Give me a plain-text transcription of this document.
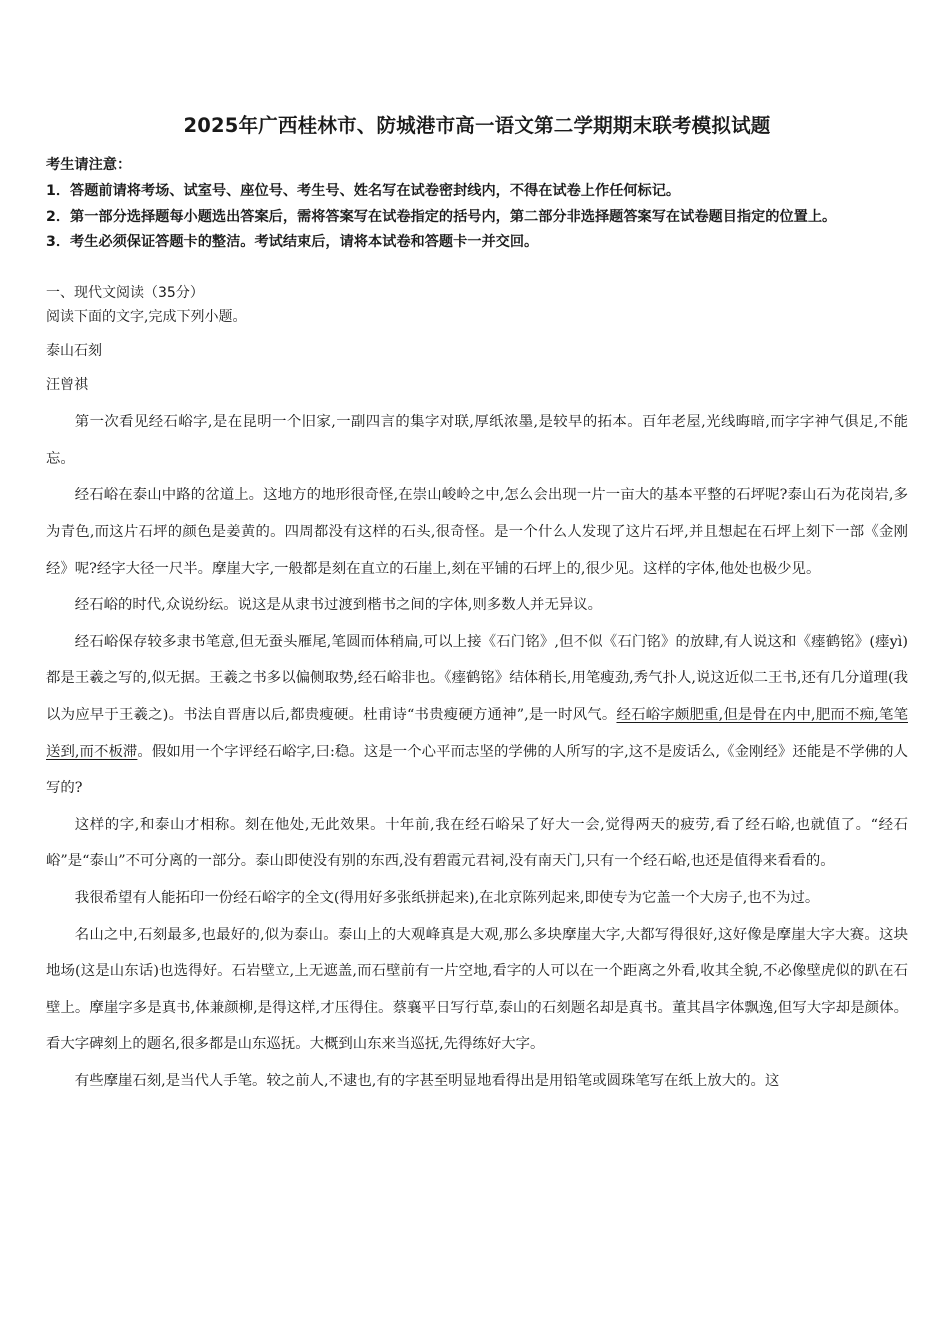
2025年广西桂林市、防城港市高一语文第二学期期末联考模拟试题
考生请注意：
1．答题前请将考场、试室号、座位号、考生号、姓名写在试卷密封线内，不得在试卷上作任何标记。
2．第一部分选择题每小题选出答案后，需将答案写在试卷指定的括号内，第二部分非选择题答案写在试卷题目指定的位置上。
3．考生必须保证答题卡的整洁。考试结束后，请将本试卷和答题卡一并交回。
一、现代文阅读（35分）
阅读下面的文字,完成下列小题。
泰山石刻
汪曾祺

第一次看见经石峪字,是在昆明一个旧家,一副四言的集字对联,厚纸浓墨,是较早的拓本。百年老屋,光线晦暗,而字字神气俱足,不能忘。

经石峪在泰山中路的岔道上。这地方的地形很奇怪,在崇山峻岭之中,怎么会出现一片一亩大的基本平整的石坪呢?泰山石为花岗岩,多为青色,而这片石坪的颜色是姜黄的。四周都没有这样的石头,很奇怪。是一个什么人发现了这片石坪,并且想起在石坪上刻下一部《金刚经》呢?经字大径一尺半。摩崖大字,一般都是刻在直立的石崖上,刻在平铺的石坪上的,很少见。这样的字体,他处也极少见。

经石峪的时代,众说纷纭。说这是从隶书过渡到楷书之间的字体,则多数人并无异议。

经石峪保存较多隶书笔意,但无蚕头雁尾,笔圆而体稍扁,可以上接《石门铭》,但不似《石门铭》的放肆,有人说这和《瘗鹤铭》(瘗yì)都是王羲之写的,似无据。王羲之书多以偏侧取势,经石峪非也。《瘗鹤铭》结体稍长,用笔瘦劲,秀气扑人,说这近似二王书,还有几分道理(我以为应早于王羲之)。书法自晋唐以后,都贵瘦硬。杜甫诗“书贵瘦硬方通神”,是一时风气。经石峪字颇肥重,但是骨在内中,肥而不痴,笔笔送到,而不板滞。假如用一个字评经石峪字,曰:稳。这是一个心平而志坚的学佛的人所写的字,这不是废话么,《金刚经》还能是不学佛的人写的?

这样的字,和泰山才相称。刻在他处,无此效果。十年前,我在经石峪呆了好大一会,觉得两天的疲劳,看了经石峪,也就值了。“经石峪”是“泰山”不可分离的一部分。泰山即使没有别的东西,没有碧霞元君祠,没有南天门,只有一个经石峪,也还是值得来看看的。

我很希望有人能拓印一份经石峪字的全文(得用好多张纸拼起来),在北京陈列起来,即使专为它盖一个大房子,也不为过。

名山之中,石刻最多,也最好的,似为泰山。泰山上的大观峰真是大观,那么多块摩崖大字,大都写得很好,这好像是摩崖大字大赛。这块地场(这是山东话)也选得好。石岩壁立,上无遮盖,而石壁前有一片空地,看字的人可以在一个距离之外看,收其全貌,不必像壁虎似的趴在石壁上。摩崖字多是真书,体兼颜柳,是得这样,才压得住。蔡襄平日写行草,泰山的石刻题名却是真书。董其昌字体飘逸,但写大字却是颜体。看大字碑刻上的题名,很多都是山东巡抚。大概到山东来当巡抚,先得练好大字。

有些摩崖石刻,是当代人手笔。较之前人,不逮也,有的字甚至明显地看得出是用铅笔或圆珠笔写在纸上放大的。这
